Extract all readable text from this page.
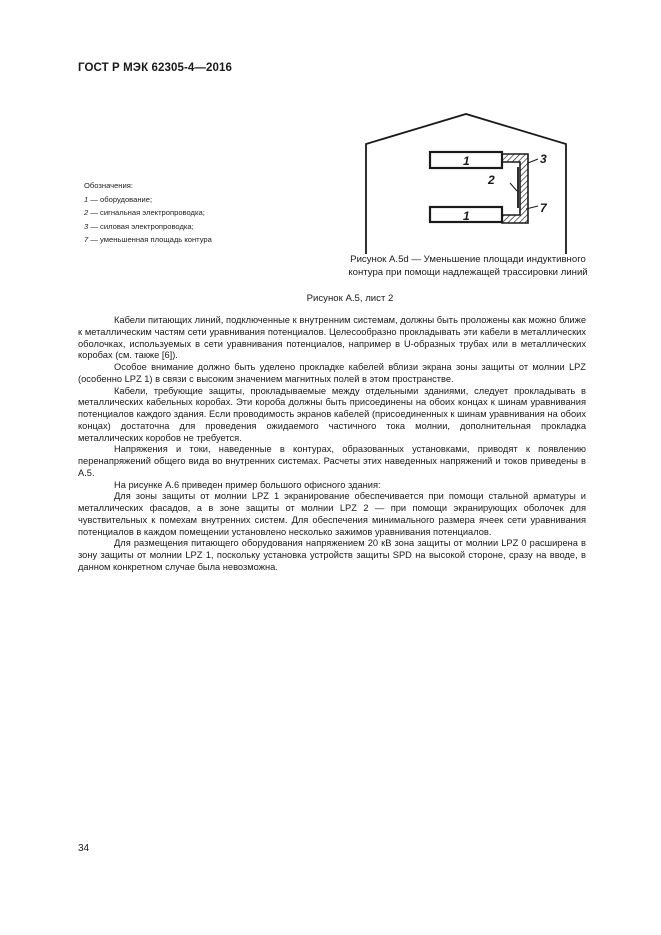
ГОСТ Р МЭК 62305-4—2016
1
1
2
3
7
Обозначения:
1 — оборудование;
2 — сигнальная электропроводка;
3 — силовая электропроводка;
7 — уменьшенная площадь контура
Рисунок А.5d — Уменьшение площади индуктивного
контура при помощи надлежащей трассировки линий
Рисунок А.5, лист 2

Кабели питающих линий, подключенные к внутренним системам, должны быть проложены как можно ближе к металлическим частям сети уравнивания потенциалов. Целесообразно прокладывать эти кабели в металлических оболочках, используемых в сети уравнивания потенциалов, например в U-образных трубах или в металлических коробах (см. также [6]).

Особое внимание должно быть уделено прокладке кабелей вблизи экрана зоны защиты от молнии LPZ (особенно LPZ 1) в связи с высоким значением магнитных полей в этом пространстве.

Кабели, требующие защиты, прокладываемые между отдельными зданиями, следует прокладывать в металлических кабельных коробах. Эти короба должны быть присоединены на обоих концах к шинам уравнивания потенциалов каждого здания. Если проводимость экранов кабелей (присоединенных к шинам уравнивания на обоих концах) достаточна для проведения ожидаемого частичного тока молнии, дополнительная прокладка металлических коробов не требуется.

Напряжения и токи, наведенные в контурах, образованных установками, приводят к появлению перенапряжений общего вида во внутренних системах. Расчеты этих наведенных напряжений и токов приведены в А.5.

На рисунке А.6 приведен пример большого офисного здания:

Для зоны защиты от молнии LPZ 1 экранирование обеспечивается при помощи стальной арматуры и металлических фасадов, а в зоне защиты от молнии LPZ 2 — при помощи экранирующих оболочек для чувствительных к помехам внутренних систем. Для обеспечения минимального размера ячеек сети уравнивания потенциалов в каждом помещении установлено несколько зажимов уравнивания потенциалов.

Для размещения питающего оборудования напряжением 20 кВ зона защиты от молнии LPZ 0 расширена в зону защиты от молнии LPZ 1, поскольку установка устройств защиты SPD на высокой стороне, сразу на вводе, в данном конкретном случае была невозможна.

34
